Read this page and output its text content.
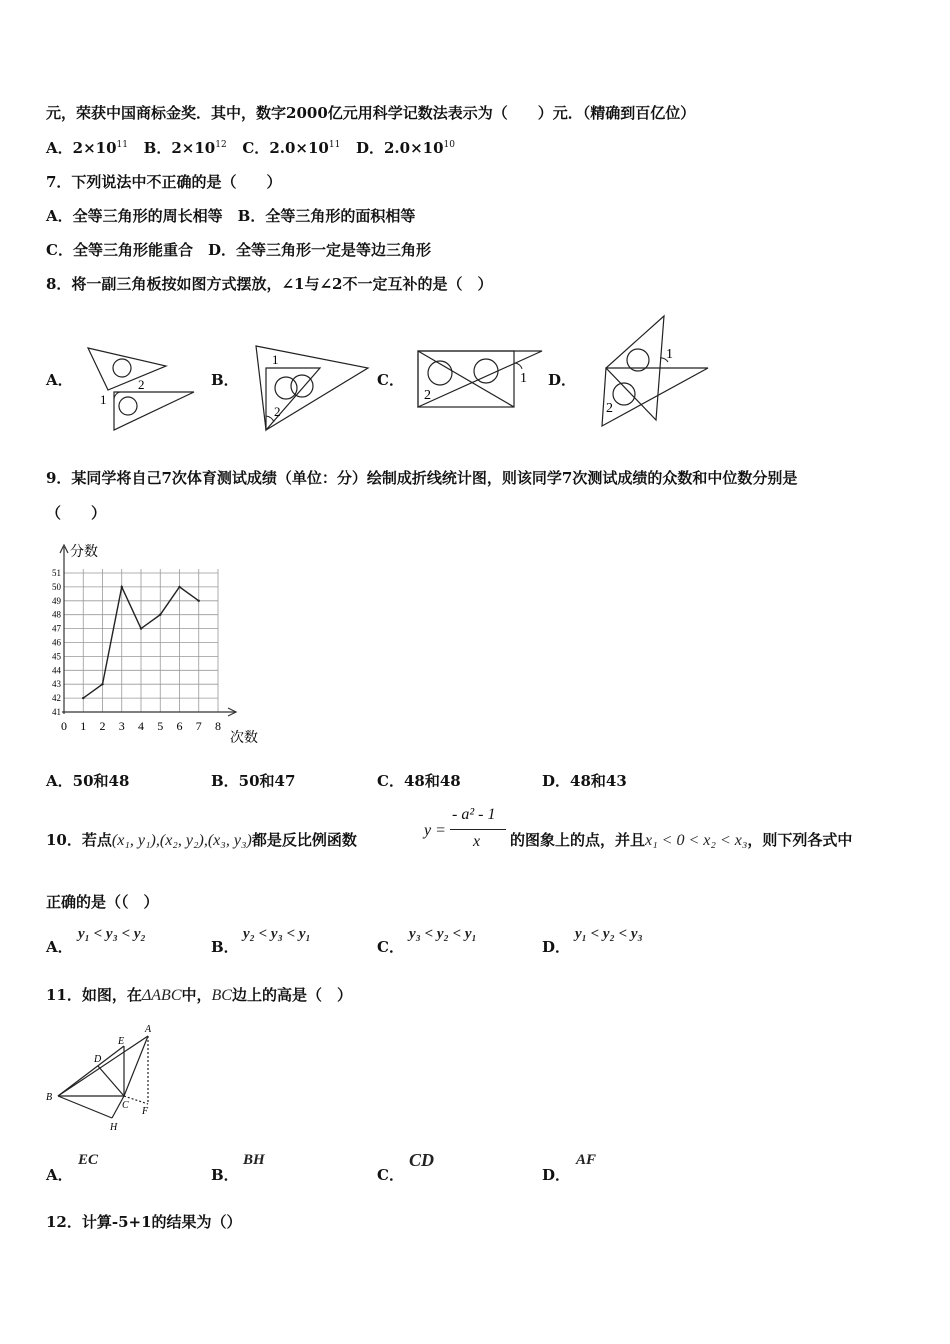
元，荣获中国商标金奖．其中，数字2000亿元用科学记数法表示为（　　）元．（精确到百亿位）
A．$2\times 10^{11}$ B．$2\times 10^{12}$ C．$2.0\times 10^{11}$ D．$2.0\times 10^{10}$
7．下列说法中不正确的是（　　）
A．全等三角形的周长相等　B．全等三角形的面积相等
C．全等三角形能重合　D．全等三角形一定是等边三角形
8．将一副三角板按如图方式摆放，∠1与∠2不一定互补的是（　）
A．
1
2	B．
1
2
C．	1
2
D．
1
2
9．某同学将自己7次体育测试成绩（单位：分）绘制成折线统计图，则该同学7次测试成绩的众数和中位数分别是
（　　）
0 1 2 3 4 5 6 7 8
41
42
43
44
45
46
47
48
49
50
51
分数
次数
A．50和48	B．50和47	C．48和48	D．48和43
10．若点(x₁, y₁),(x₂, y₂),(x₃, y₃)都是反比例函数
y =
- a² - 1
x 的图象上的点，并且x₁ < 0 < x₂ < x₃，则下列各式中
正确的是（（　）
A．
y₁ < y₃ < y₂
B．
y₂ < y₃ < y₁
C．
y₃ < y₂ < y₁
D．
y₁ < y₂ < y₃
11．如图，在ΔABC中，BC边上的高是（　）
A
E
D
B
C
F
H
A．
EC
B．
BH
C．
CD
D．
AF
12．计算-5+1的结果为（）
